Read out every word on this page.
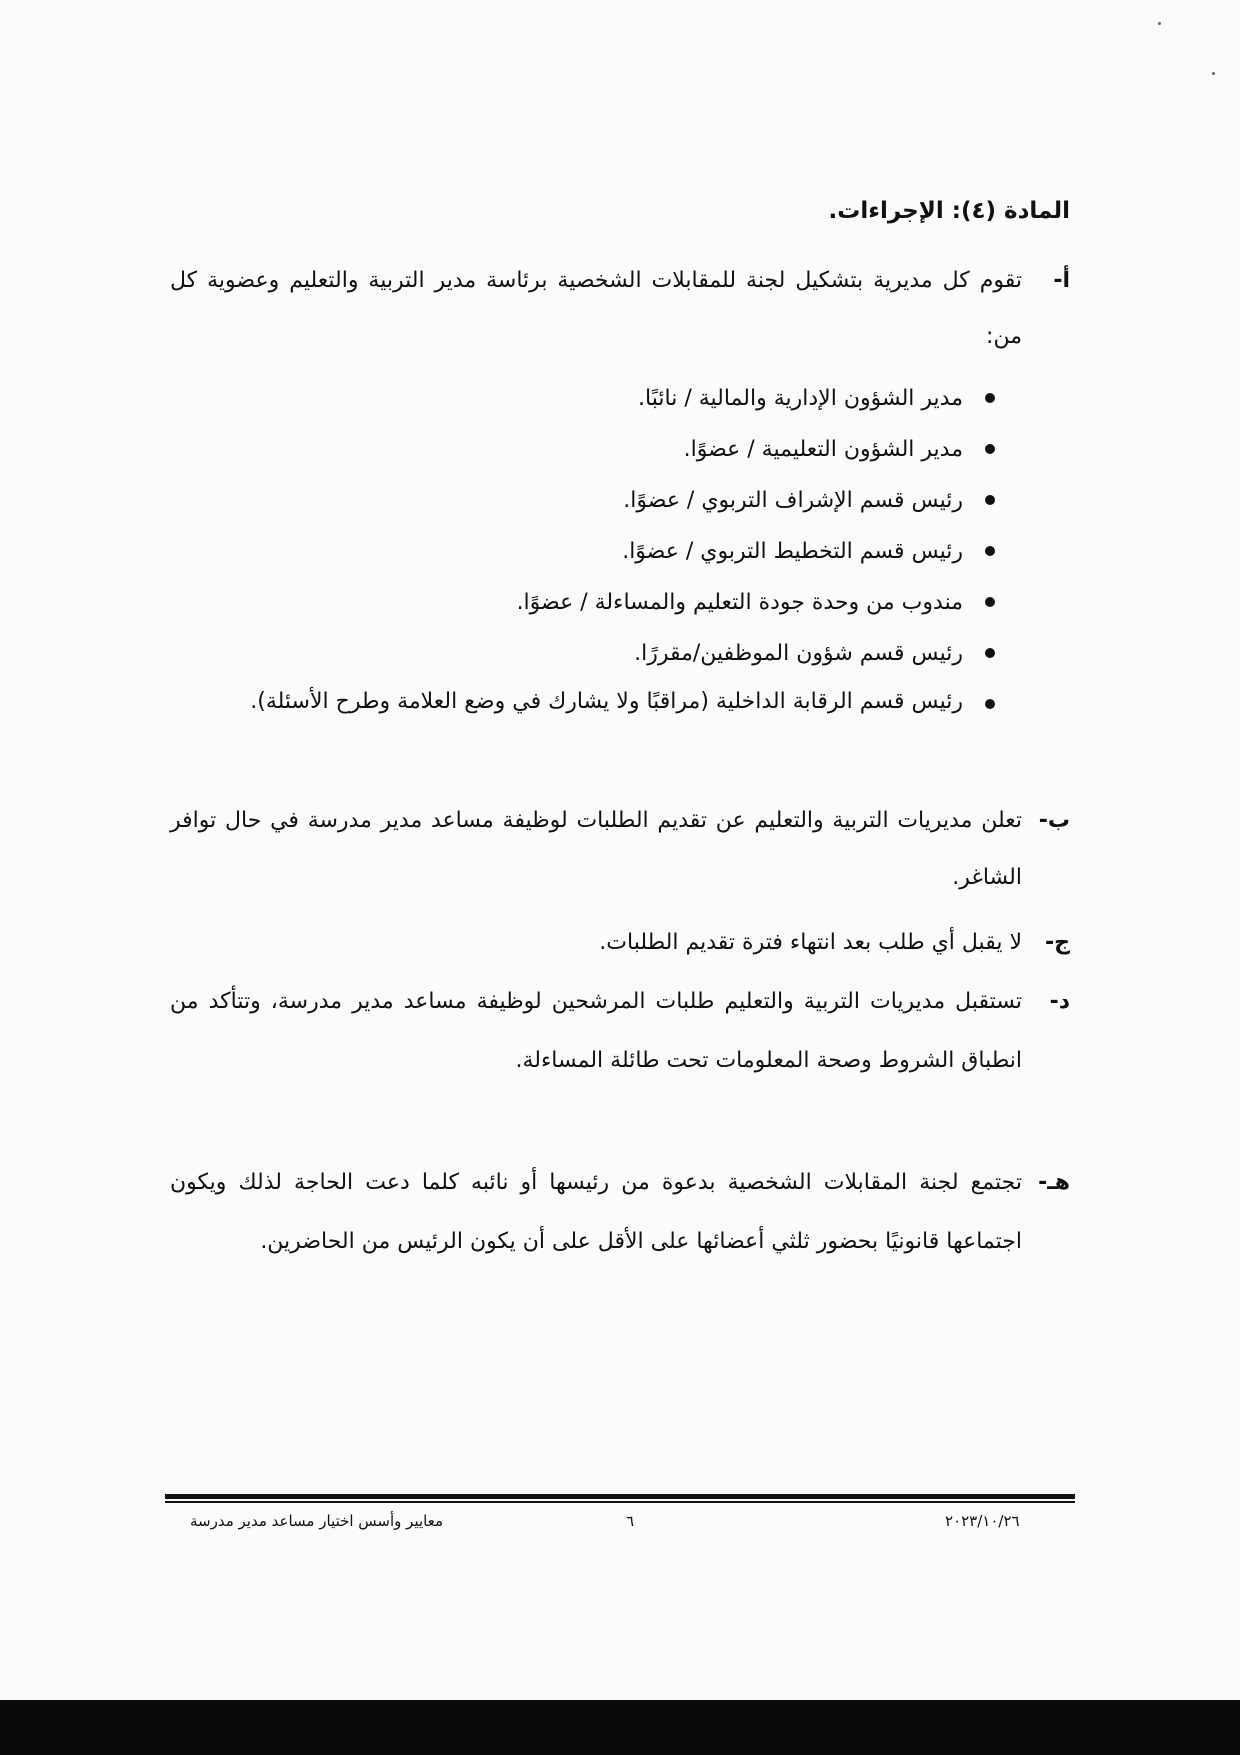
المادة (٤): الإجراءات.
أ-
تقوم كل مديرية بتشكيل لجنة للمقابلات الشخصية برئاسة مدير التربية والتعليم وعضوية كل من:
مدير الشؤون الإدارية والمالية / نائبًا.
مدير الشؤون التعليمية / عضوًا.
رئيس قسم الإشراف التربوي / عضوًا.
رئيس قسم التخطيط التربوي / عضوًا.
مندوب من وحدة جودة التعليم والمساءلة / عضوًا.
رئيس قسم شؤون الموظفين/مقررًا.
رئيس قسم الرقابة الداخلية (مراقبًا ولا يشارك في وضع العلامة وطرح الأسئلة).
ب-
تعلن مديريات التربية والتعليم عن تقديم الطلبات لوظيفة مساعد مدير مدرسة في حال توافر الشاغر.
ج-
لا يقبل أي طلب بعد انتهاء فترة تقديم الطلبات.
د-
تستقبل مديريات التربية والتعليم طلبات المرشحين لوظيفة مساعد مدير مدرسة، وتتأكد من انطباق الشروط وصحة المعلومات تحت طائلة المساءلة.
هـ-
تجتمع لجنة المقابلات الشخصية بدعوة من رئيسها أو نائبه كلما دعت الحاجة لذلك ويكون اجتماعها قانونيًا بحضور ثلثي أعضائها على الأقل على أن يكون الرئيس من الحاضرين.
معايير وأسس اختيار مساعد مدير مدرسة	٦	٢٠٢٣/١٠/٢٦
